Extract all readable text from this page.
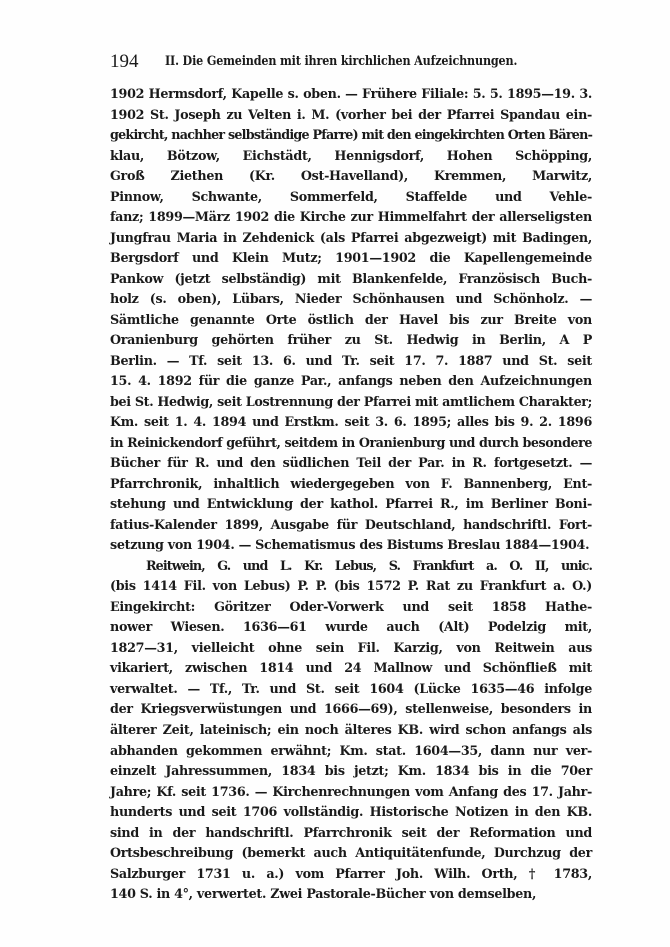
194 II. Die Gemeinden mit ihren kirchlichen Aufzeichnungen.
1902 Hermsdorf, Kapelle s. oben. — Frühere Filiale: 5. 5. 1895—19. 3.
1902 St. Joseph zu Velten i. M. (vorher bei der Pfarrei Spandau ein-
gekircht, nachher selbständige Pfarre) mit den eingekirchten Orten Bären-
klau, Bötzow, Eichstädt, Hennigsdorf, Hohen Schöpping,
Groß Ziethen (Kr. Ost-Havelland), Kremmen, Marwitz,
Pinnow, Schwante, Sommerfeld, Staffelde und Vehle-
fanz; 1899—März 1902 die Kirche zur Himmelfahrt der allerseligsten
Jungfrau Maria in Zehdenick (als Pfarrei abgezweigt) mit Badingen,
Bergsdorf und Klein Mutz; 1901—1902 die Kapellengemeinde
Pankow (jetzt selbständig) mit Blankenfelde, Französisch Buch-
holz (s. oben), Lübars, Nieder Schönhausen und Schönholz. —
Sämtliche genannte Orte östlich der Havel bis zur Breite von
Oranienburg gehörten früher zu St. Hedwig in Berlin, A P
Berlin. — Tf. seit 13. 6. und Tr. seit 17. 7. 1887 und St. seit
15. 4. 1892 für die ganze Par., anfangs neben den Aufzeichnungen
bei St. Hedwig, seit Lostrennung der Pfarrei mit amtlichem Charakter;
Km. seit 1. 4. 1894 und Erstkm. seit 3. 6. 1895; alles bis 9. 2. 1896
in Reinickendorf geführt, seitdem in Oranienburg und durch besondere
Bücher für R. und den südlichen Teil der Par. in R. fortgesetzt. —
Pfarrchronik, inhaltlich wiedergegeben von F. Bannenberg, Ent-
stehung und Entwicklung der kathol. Pfarrei R., im Berliner Boni-
fatius-Kalender 1899, Ausgabe für Deutschland, handschriftl. Fort-
setzung von 1904. — Schematismus des Bistums Breslau 1884—1904.
Reitwein, G. und L. Kr. Lebus, S. Frankfurt a. O. II, unic.
(bis 1414 Fil. von Lebus) P. P. (bis 1572 P. Rat zu Frankfurt a. O.)
Eingekircht: Göritzer Oder-Vorwerk und seit 1858 Hathe-
nower Wiesen. 1636—61 wurde auch (Alt) Podelzig mit,
1827—31, vielleicht ohne sein Fil. Karzig, von Reitwein aus
vikariert, zwischen 1814 und 24 Mallnow und Schönfließ mit
verwaltet. — Tf., Tr. und St. seit 1604 (Lücke 1635—46 infolge
der Kriegsverwüstungen und 1666—69), stellenweise, besonders in
älterer Zeit, lateinisch; ein noch älteres KB. wird schon anfangs als
abhanden gekommen erwähnt; Km. stat. 1604—35, dann nur ver-
einzelt Jahressummen, 1834 bis jetzt; Km. 1834 bis in die 70er
Jahre; Kf. seit 1736. — Kirchenrechnungen vom Anfang des 17. Jahr-
hunderts und seit 1706 vollständig. Historische Notizen in den KB.
sind in der handschriftl. Pfarrchronik seit der Reformation und
Ortsbeschreibung (bemerkt auch Antiquitätenfunde, Durchzug der
Salzburger 1731 u. a.) vom Pfarrer Joh. Wilh. Orth, † 1783,
140 S. in 4°, verwertet. Zwei Pastorale-Bücher von demselben,
